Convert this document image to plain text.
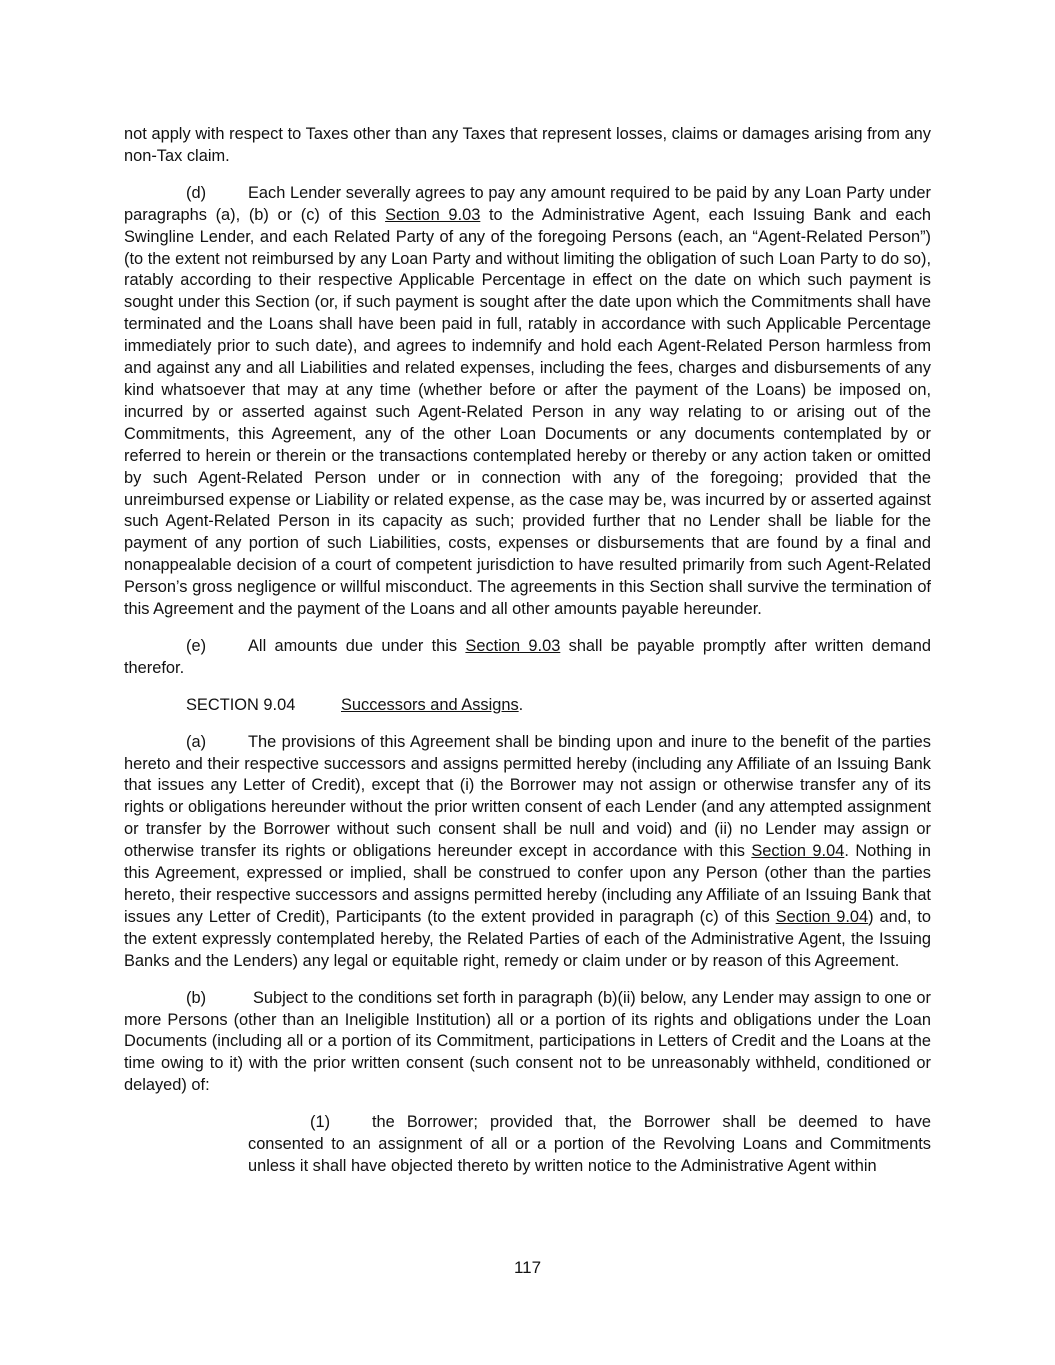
not apply with respect to Taxes other than any Taxes that represent losses, claims or damages arising from any non-Tax claim.

(d)	Each Lender severally agrees to pay any amount required to be paid by any Loan Party under paragraphs (a), (b) or (c) of this Section 9.03 to the Administrative Agent, each Issuing Bank and each Swingline Lender, and each Related Party of any of the foregoing Persons (each, an “Agent-Related Person”) (to the extent not reimbursed by any Loan Party and without limiting the obligation of such Loan Party to do so), ratably according to their respective Applicable Percentage in effect on the date on which such payment is sought under this Section (or, if such payment is sought after the date upon which the Commitments shall have terminated and the Loans shall have been paid in full, ratably in accordance with such Applicable Percentage immediately prior to such date), and agrees to indemnify and hold each Agent-Related Person harmless from and against any and all Liabilities and related expenses, including the fees, charges and disbursements of any kind whatsoever that may at any time (whether before or after the payment of the Loans) be imposed on, incurred by or asserted against such Agent-Related Person in any way relating to or arising out of the Commitments, this Agreement, any of the other Loan Documents or any documents contemplated by or referred to herein or therein or the transactions contemplated hereby or thereby or any action taken or omitted by such Agent-Related Person under or in connection with any of the foregoing; provided that the unreimbursed expense or Liability or related expense, as the case may be, was incurred by or asserted against such Agent-Related Person in its capacity as such; provided further that no Lender shall be liable for the payment of any portion of such Liabilities, costs, expenses or disbursements that are found by a final and nonappealable decision of a court of competent jurisdiction to have resulted primarily from such Agent-Related Person’s gross negligence or willful misconduct. The agreements in this Section shall survive the termination of this Agreement and the payment of the Loans and all other amounts payable hereunder.

(e)	All amounts due under this Section 9.03 shall be payable promptly after written demand therefor.

SECTION 9.04	Successors and Assigns.

(a)	The provisions of this Agreement shall be binding upon and inure to the benefit of the parties hereto and their respective successors and assigns permitted hereby (including any Affiliate of an Issuing Bank that issues any Letter of Credit), except that (i) the Borrower may not assign or otherwise transfer any of its rights or obligations hereunder without the prior written consent of each Lender (and any attempted assignment or transfer by the Borrower without such consent shall be null and void) and (ii) no Lender may assign or otherwise transfer its rights or obligations hereunder except in accordance with this Section 9.04. Nothing in this Agreement, expressed or implied, shall be construed to confer upon any Person (other than the parties hereto, their respective successors and assigns permitted hereby (including any Affiliate of an Issuing Bank that issues any Letter of Credit), Participants (to the extent provided in paragraph (c) of this Section 9.04) and, to the extent expressly contemplated hereby, the Related Parties of each of the Administrative Agent, the Issuing Banks and the Lenders) any legal or equitable right, remedy or claim under or by reason of this Agreement.

(b)	Subject to the conditions set forth in paragraph (b)(ii) below, any Lender may assign to one or more Persons (other than an Ineligible Institution) all or a portion of its rights and obligations under the Loan Documents (including all or a portion of its Commitment, participations in Letters of Credit and the Loans at the time owing to it) with the prior written consent (such consent not to be unreasonably withheld, conditioned or delayed) of:

(1)	the Borrower; provided that, the Borrower shall be deemed to have consented to an assignment of all or a portion of the Revolving Loans and Commitments unless it shall have objected thereto by written notice to the Administrative Agent within

117
